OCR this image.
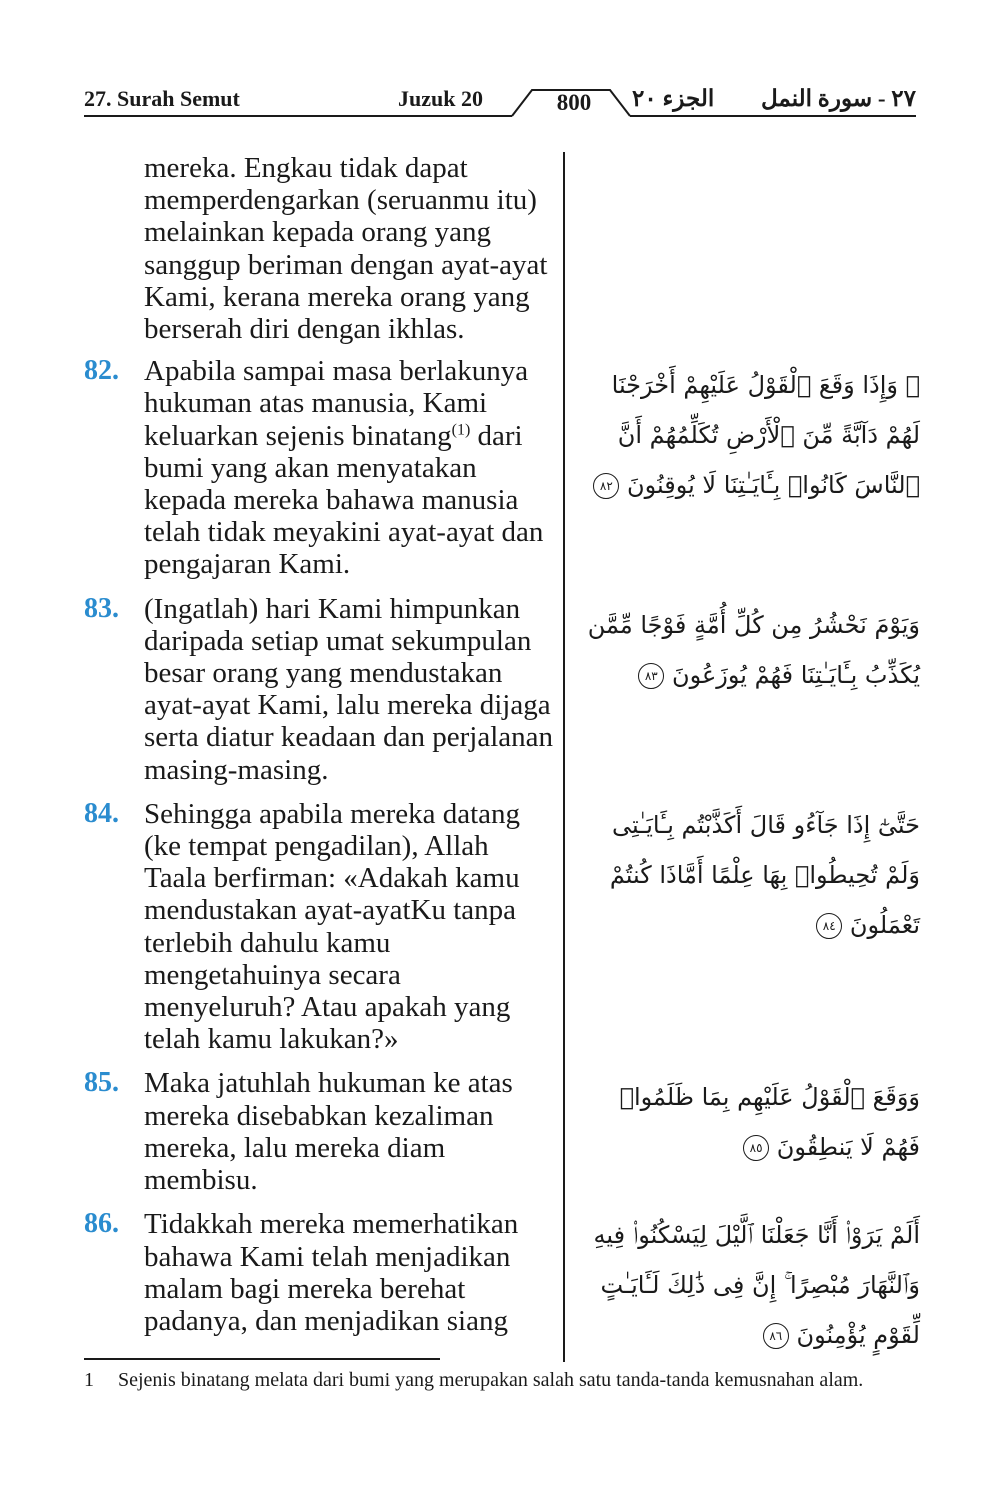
27. Surah Semut	Juzuk 20	800	الجزء ٢٠ ٢٧ - سورة النمل
mereka. Engkau tidak dapat memperdengarkan (seruanmu itu) melainkan kepada orang yang sanggup beriman dengan ayat-ayat Kami, kerana mereka orang yang berserah diri dengan ikhlas.
82. Apabila sampai masa berlakunya hukuman atas manusia, Kami keluarkan sejenis binatang$^{(1)}$ dari bumi yang akan menyatakan kepada mereka bahawa manusia telah tidak meyakini ayat-ayat dan pengajaran Kami.
83. (Ingatlah) hari Kami himpunkan daripada setiap umat sekumpulan besar orang yang mendustakan ayat-ayat Kami, lalu mereka dijaga serta diatur keadaan dan perjalanan masing-masing.
84. Sehingga apabila mereka datang (ke tempat pengadilan), Allah Taala berfirman: «Adakah kamu mendustakan ayat-ayatKu tanpa terlebih dahulu kamu mengetahuinya secara menyeluruh? Atau apakah yang telah kamu lakukan?»
85. Maka jatuhlah hukuman ke atas mereka disebabkan kezaliman mereka, lalu mereka diam membisu.
86. Tidakkah mereka memerhatikan bahawa Kami telah menjadikan malam bagi mereka berehat padanya, dan menjadikan siang
۞ وَإِذَا وَقَعَ ٱلْقَوْلُ عَلَيْهِمْ أَخْرَجْنَا لَهُمْ دَآبَّةً مِّنَ ٱلْأَرْضِ تُكَلِّمُهُمْ أَنَّ ٱلنَّاسَ كَانُوا۟ بِـَٔايَـٰتِنَا لَا يُوقِنُونَ ٨٢
وَيَوْمَ نَحْشُرُ مِن كُلِّ أُمَّةٍ فَوْجًا مِّمَّن يُكَذِّبُ بِـَٔايَـٰتِنَا فَهُمْ يُوزَعُونَ ٨٣
حَتَّىٰٓ إِذَا جَآءُو قَالَ أَكَذَّبْتُم بِـَٔايَـٰتِى وَلَمْ تُحِيطُوا۟ بِهَا عِلْمًا أَمَّاذَا كُنتُمْ تَعْمَلُونَ ٨٤
وَوَقَعَ ٱلْقَوْلُ عَلَيْهِم بِمَا ظَلَمُوا۟ فَهُمْ لَا يَنطِقُونَ ٨٥
أَلَمْ يَرَوْا۟ أَنَّا جَعَلْنَا ٱلَّيْلَ لِيَسْكُنُوا۟ فِيهِ وَٱلنَّهَارَ مُبْصِرًا ۚ إِنَّ فِى ذَٰلِكَ لَـَٔايَـٰتٍ لِّقَوْمٍ يُؤْمِنُونَ ٨٦
1	Sejenis binatang melata dari bumi yang merupakan salah satu tanda-tanda kemusnahan alam.
